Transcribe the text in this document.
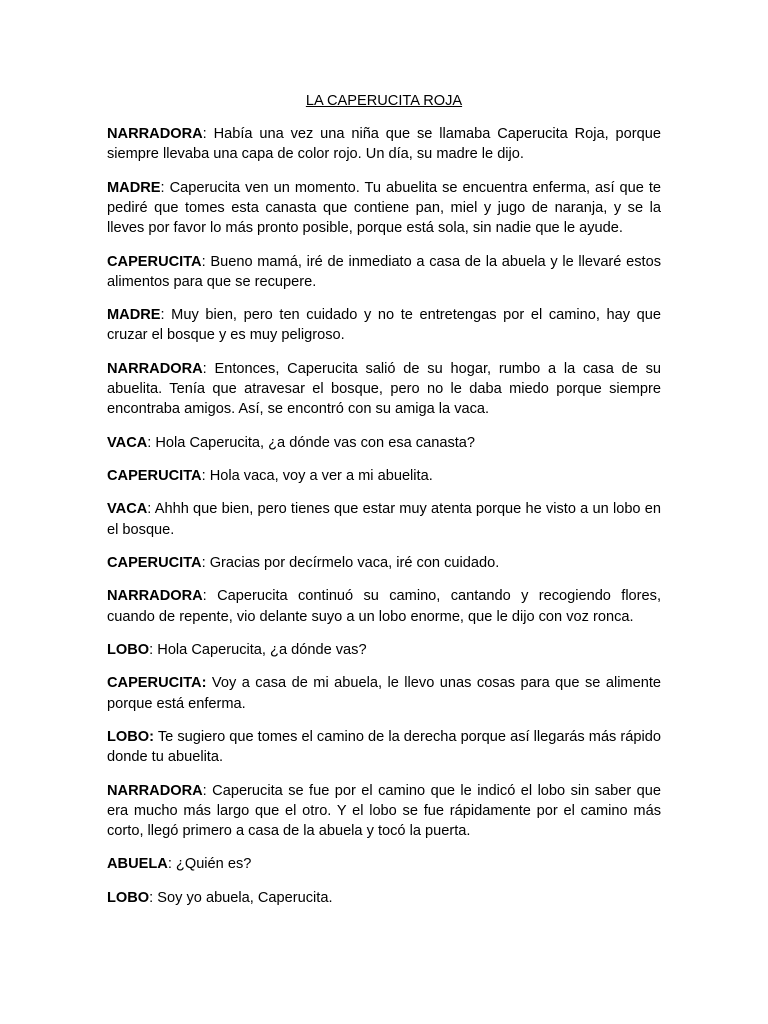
LA CAPERUCITA ROJA

NARRADORA: Había una vez una niña que se llamaba Caperucita Roja, porque siempre llevaba una capa de color rojo. Un día, su madre le dijo.

MADRE: Caperucita ven un momento. Tu abuelita se encuentra enferma, así que te pediré que tomes esta canasta que contiene pan, miel y jugo de naranja, y se la lleves por favor lo más pronto posible, porque está sola, sin nadie que le ayude.

CAPERUCITA: Bueno mamá, iré de inmediato a casa de la abuela y le llevaré estos alimentos para que se recupere.

MADRE: Muy bien, pero ten cuidado y no te entretengas por el camino, hay que cruzar el bosque y es muy peligroso.

NARRADORA: Entonces, Caperucita salió de su hogar, rumbo a la casa de su abuelita. Tenía que atravesar el bosque, pero no le daba miedo porque siempre encontraba amigos. Así, se encontró con su amiga la vaca.

VACA: Hola Caperucita, ¿a dónde vas con esa canasta?

CAPERUCITA: Hola vaca, voy a ver a mi abuelita.

VACA: Ahhh que bien, pero tienes que estar muy atenta porque he visto a un lobo en el bosque.

CAPERUCITA: Gracias por decírmelo vaca, iré con cuidado.

NARRADORA: Caperucita continuó su camino, cantando y recogiendo flores, cuando de repente, vio delante suyo a un lobo enorme, que le dijo con voz ronca.

LOBO: Hola Caperucita, ¿a dónde vas?

CAPERUCITA: Voy a casa de mi abuela, le llevo unas cosas para que se alimente porque está enferma.

LOBO: Te sugiero que tomes el camino de la derecha porque así llegarás más rápido donde tu abuelita.

NARRADORA: Caperucita se fue por el camino que le indicó el lobo sin saber que era mucho más largo que el otro. Y el lobo se fue rápidamente por el camino más corto, llegó primero a casa de la abuela y tocó la puerta.

ABUELA: ¿Quién es?

LOBO: Soy yo abuela, Caperucita.
